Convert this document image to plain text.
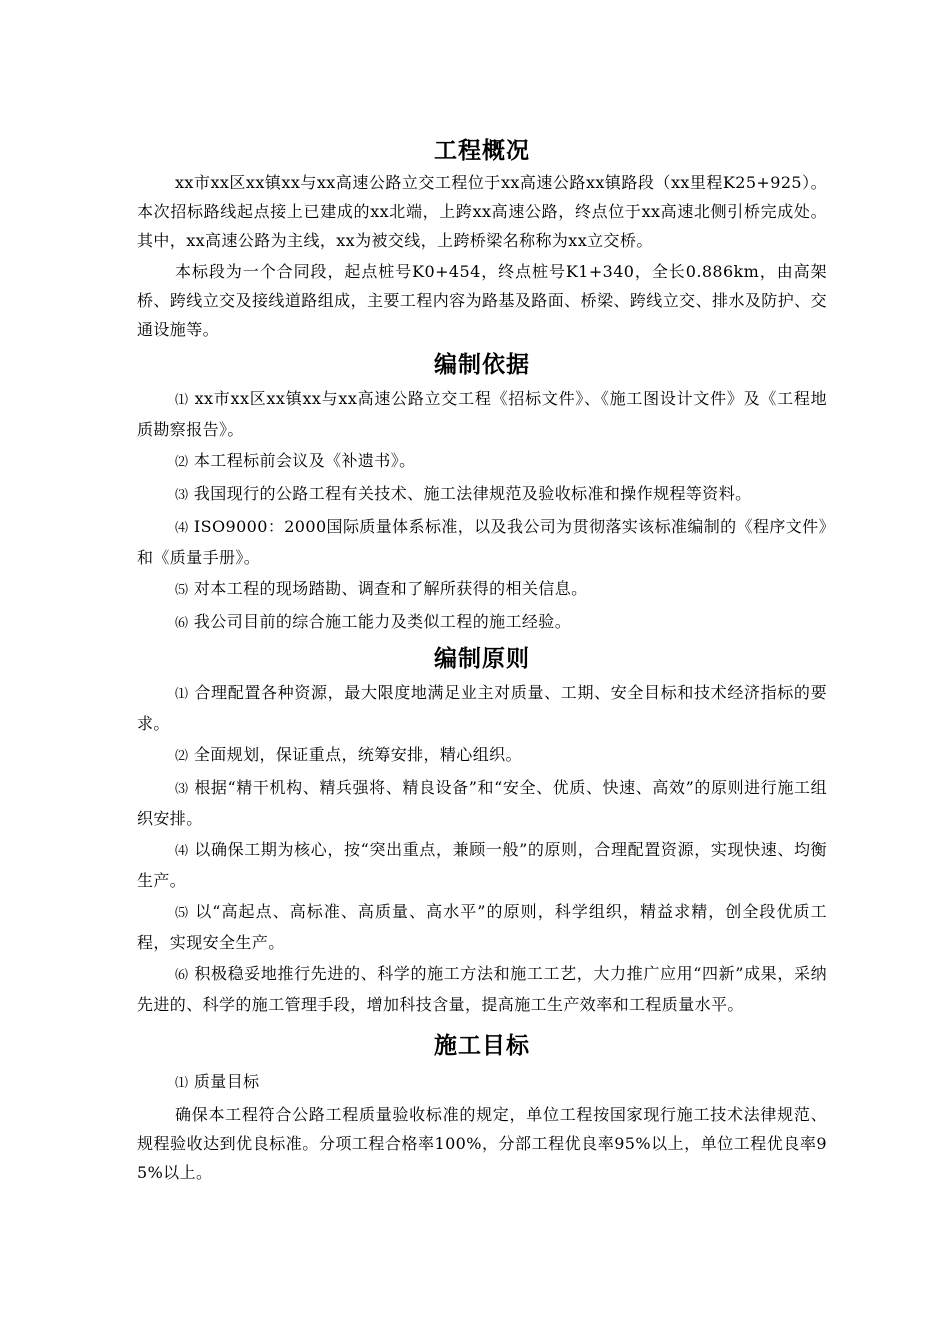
工程概况

xx市xx区xx镇xx与xx高速公路立交工程位于xx高速公路xx镇路段（xx里程K25+925）。本次招标路线起点接上已建成的xx北端，上跨xx高速公路，终点位于xx高速北侧引桥完成处。其中，xx高速公路为主线，xx为被交线，上跨桥梁名称称为xx立交桥。

本标段为一个合同段，起点桩号K0+454，终点桩号K1+340，全长0.886km，由高架桥、跨线立交及接线道路组成，主要工程内容为路基及路面、桥梁、跨线立交、排水及防护、交通设施等。

编制依据

⑴ xx市xx区xx镇xx与xx高速公路立交工程《招标文件》、《施工图设计文件》及《工程地质勘察报告》。

⑵ 本工程标前会议及《补遗书》。

⑶ 我国现行的公路工程有关技术、施工法律规范及验收标准和操作规程等资料。

⑷ ISO9000：2000国际质量体系标准，以及我公司为贯彻落实该标准编制的《程序文件》和《质量手册》。

⑸ 对本工程的现场踏勘、调查和了解所获得的相关信息。

⑹ 我公司目前的综合施工能力及类似工程的施工经验。

编制原则

⑴ 合理配置各种资源，最大限度地满足业主对质量、工期、安全目标和技术经济指标的要求。

⑵ 全面规划，保证重点，统筹安排，精心组织。

⑶ 根据“精干机构、精兵强将、精良设备”和“安全、优质、快速、高效”的原则进行施工组织安排。

⑷ 以确保工期为核心，按“突出重点，兼顾一般”的原则，合理配置资源，实现快速、均衡生产。

⑸ 以“高起点、高标准、高质量、高水平”的原则，科学组织，精益求精，创全段优质工程，实现安全生产。

⑹ 积极稳妥地推行先进的、科学的施工方法和施工工艺，大力推广应用“四新”成果，采纳先进的、科学的施工管理手段，增加科技含量，提高施工生产效率和工程质量水平。

施工目标

⑴ 质量目标

确保本工程符合公路工程质量验收标准的规定，单位工程按国家现行施工技术法律规范、规程验收达到优良标准。分项工程合格率100%，分部工程优良率95%以上，单位工程优良率95%以上。
